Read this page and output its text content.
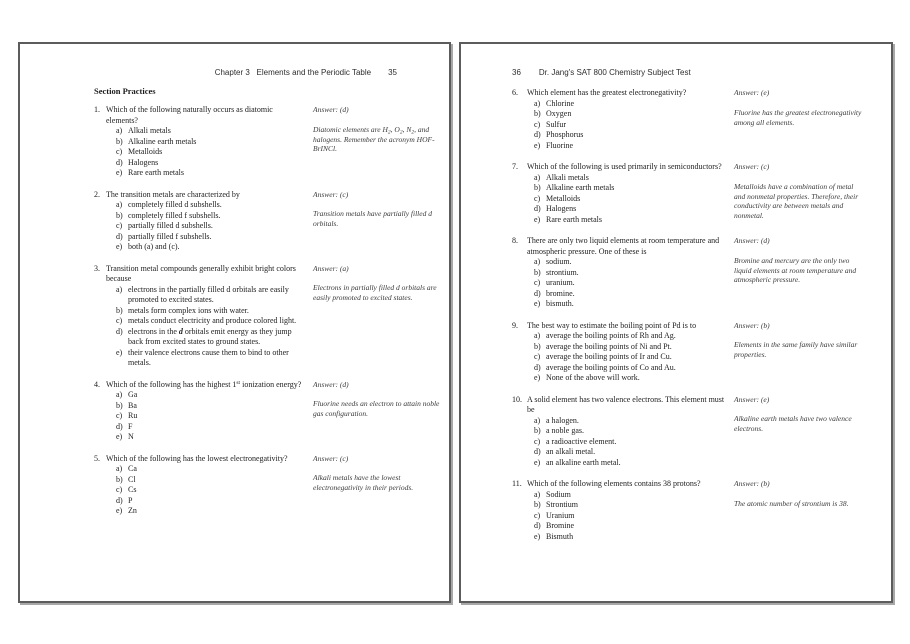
Chapter 3   Elements and the Periodic Table 35
Section Practices
1. Which of the following naturally occurs as diatomic elements?
a) Alkali metals
b) Alkaline earth metals
c) Metalloids
d) Halogens
e) Rare earth metals
Answer: (d)
Diatomic elements are $H_2$, $O_2$, $N_2$, and halogens. Remember the acronym HOF-BrINCl.
2. The transition metals are characterized by
a) completely filled d subshells.
b) completely filled f subshells.
c) partially filled d subshells.
d) partially filled f subshells.
e) both (a) and (c).
Answer: (c)
Transition metals have partially filled d orbitals.
3. Transition metal compounds generally exhibit bright colors because
a) electrons in the partially filled d orbitals are easily promoted to excited states.
b) metals form complex ions with water.
c) metals conduct electricity and produce colored light.
d) electrons in the d orbitals emit energy as they jump back from excited states to ground states.
e) their valence electrons cause them to bind to other metals.
Answer: (a)
Electrons in partially filled d orbitals are easily promoted to excited states.
4. Which of the following has the highest 1st ionization energy?
a) Ga
b) Ba
c) Ru
d) F
e) N
Answer: (d)
Fluorine needs an electron to attain noble gas configuration.
5. Which of the following has the lowest electronegativity?
a) Ca
b) Cl
c) Cs
d) P
e) Zn
Answer: (c)
Alkali metals have the lowest electronegativity in their periods.
36 Dr. Jang's SAT 800 Chemistry Subject Test
6.	Which element has the greatest electronegativity?
a) Chlorine
b) Oxygen
c) Sulfur
d) Phosphorus
e) Fluorine
Answer: (e)
Fluorine has the greatest electronegativity among all elements.
7.	Which of the following is used primarily in semiconductors?
a) Alkali metals
b) Alkaline earth metals
c) Metalloids
d) Halogens
e) Rare earth metals
Answer: (c)
Metalloids have a combination of metal and nonmetal properties. Therefore, their conductivity are between metals and nonmetal.
8.	There are only two liquid elements at room temperature and atmospheric pressure. One of these is
a) sodium.
b) strontium.
c) uranium.
d) bromine.
e) bismuth.
Answer: (d)
Bromine and mercury are the only two liquid elements at room temperature and atmospheric pressure.
9.	The best way to estimate the boiling point of Pd is to
a) average the boiling points of Rh and Ag.
b) average the boiling points of Ni and Pt.
c) average the boiling points of Ir and Cu.
d) average the boiling points of Co and Au.
e) None of the above will work.
Answer: (b)
Elements in the same family have similar properties.
10. A solid element has two valence electrons. This element must be
a) a halogen.
b) a noble gas.
c) a radioactive element.
d) an alkali metal.
e) an alkaline earth metal.
Answer: (e)
Alkaline earth metals have two valence electrons.
11. Which of the following elements contains 38 protons?
a) Sodium
b) Strontium
c) Uranium
d) Bromine
e) Bismuth
Answer: (b)
The atomic number of strontium is 38.
